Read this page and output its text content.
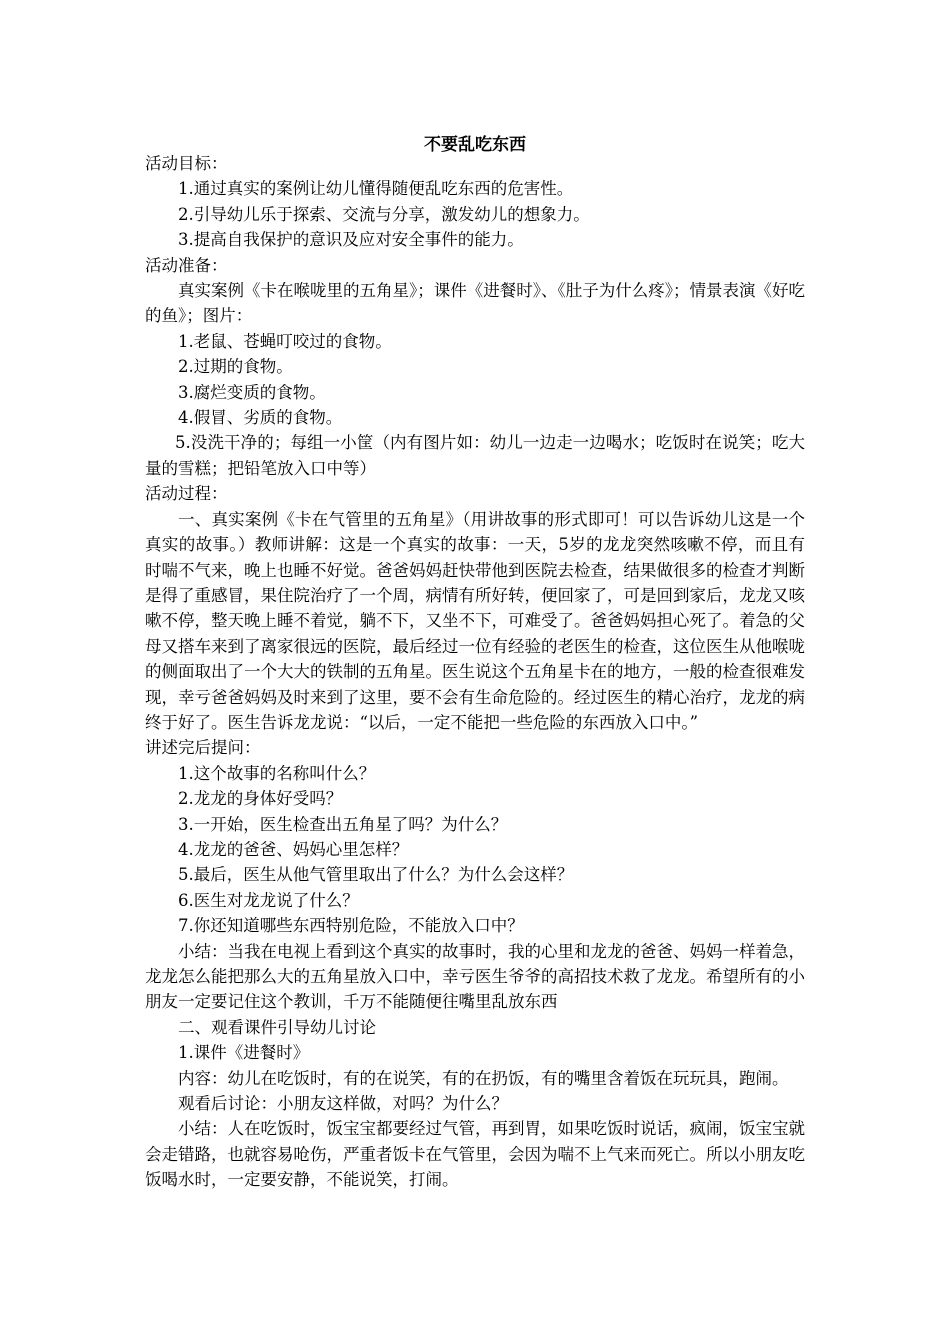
不要乱吃东西

活动目标：

1.通过真实的案例让幼儿懂得随便乱吃东西的危害性。

2.引导幼儿乐于探索、交流与分享，激发幼儿的想象力。

3.提高自我保护的意识及应对安全事件的能力。

活动准备：

真实案例《卡在喉咙里的五角星》；课件《进餐时》、《肚子为什么疼》；情景表演《好吃的鱼》；图片：

1.老鼠、苍蝇叮咬过的食物。

2.过期的食物。

3.腐烂变质的食物。

4.假冒、劣质的食物。

5.没洗干净的；每组一小筐（内有图片如：幼儿一边走一边喝水；吃饭时在说笑；吃大量的雪糕；把铅笔放入口中等）

活动过程：

一、真实案例《卡在气管里的五角星》（用讲故事的形式即可！可以告诉幼儿这是一个真实的故事。）教师讲解：这是一个真实的故事：一天，5岁的龙龙突然咳嗽不停，而且有时喘不气来，晚上也睡不好觉。爸爸妈妈赶快带他到医院去检查，结果做很多的检查才判断是得了重感冒，果住院治疗了一个周，病情有所好转，便回家了，可是回到家后，龙龙又咳嗽不停，整天晚上睡不着觉，躺不下，又坐不下，可难受了。爸爸妈妈担心死了。着急的父母又搭车来到了离家很远的医院，最后经过一位有经验的老医生的检查，这位医生从他喉咙的侧面取出了一个大大的铁制的五角星。医生说这个五角星卡在的地方，一般的检查很难发现，幸亏爸爸妈妈及时来到了这里，要不会有生命危险的。经过医生的精心治疗，龙龙的病终于好了。医生告诉龙龙说：“以后，一定不能把一些危险的东西放入口中。”

讲述完后提问：

1.这个故事的名称叫什么？

2.龙龙的身体好受吗？

3.一开始，医生检查出五角星了吗？为什么？

4.龙龙的爸爸、妈妈心里怎样？

5.最后，医生从他气管里取出了什么？为什么会这样？

6.医生对龙龙说了什么？

7.你还知道哪些东西特别危险，不能放入口中？

小结：当我在电视上看到这个真实的故事时，我的心里和龙龙的爸爸、妈妈一样着急，龙龙怎么能把那么大的五角星放入口中，幸亏医生爷爷的高招技术救了龙龙。希望所有的小朋友一定要记住这个教训，千万不能随便往嘴里乱放东西

二、观看课件引导幼儿讨论

1.课件《进餐时》

内容：幼儿在吃饭时，有的在说笑，有的在扔饭，有的嘴里含着饭在玩玩具，跑闹。

观看后讨论：小朋友这样做，对吗？为什么？

小结：人在吃饭时，饭宝宝都要经过气管，再到胃，如果吃饭时说话，疯闹，饭宝宝就会走错路，也就容易呛伤，严重者饭卡在气管里，会因为喘不上气来而死亡。所以小朋友吃饭喝水时，一定要安静，不能说笑，打闹。
